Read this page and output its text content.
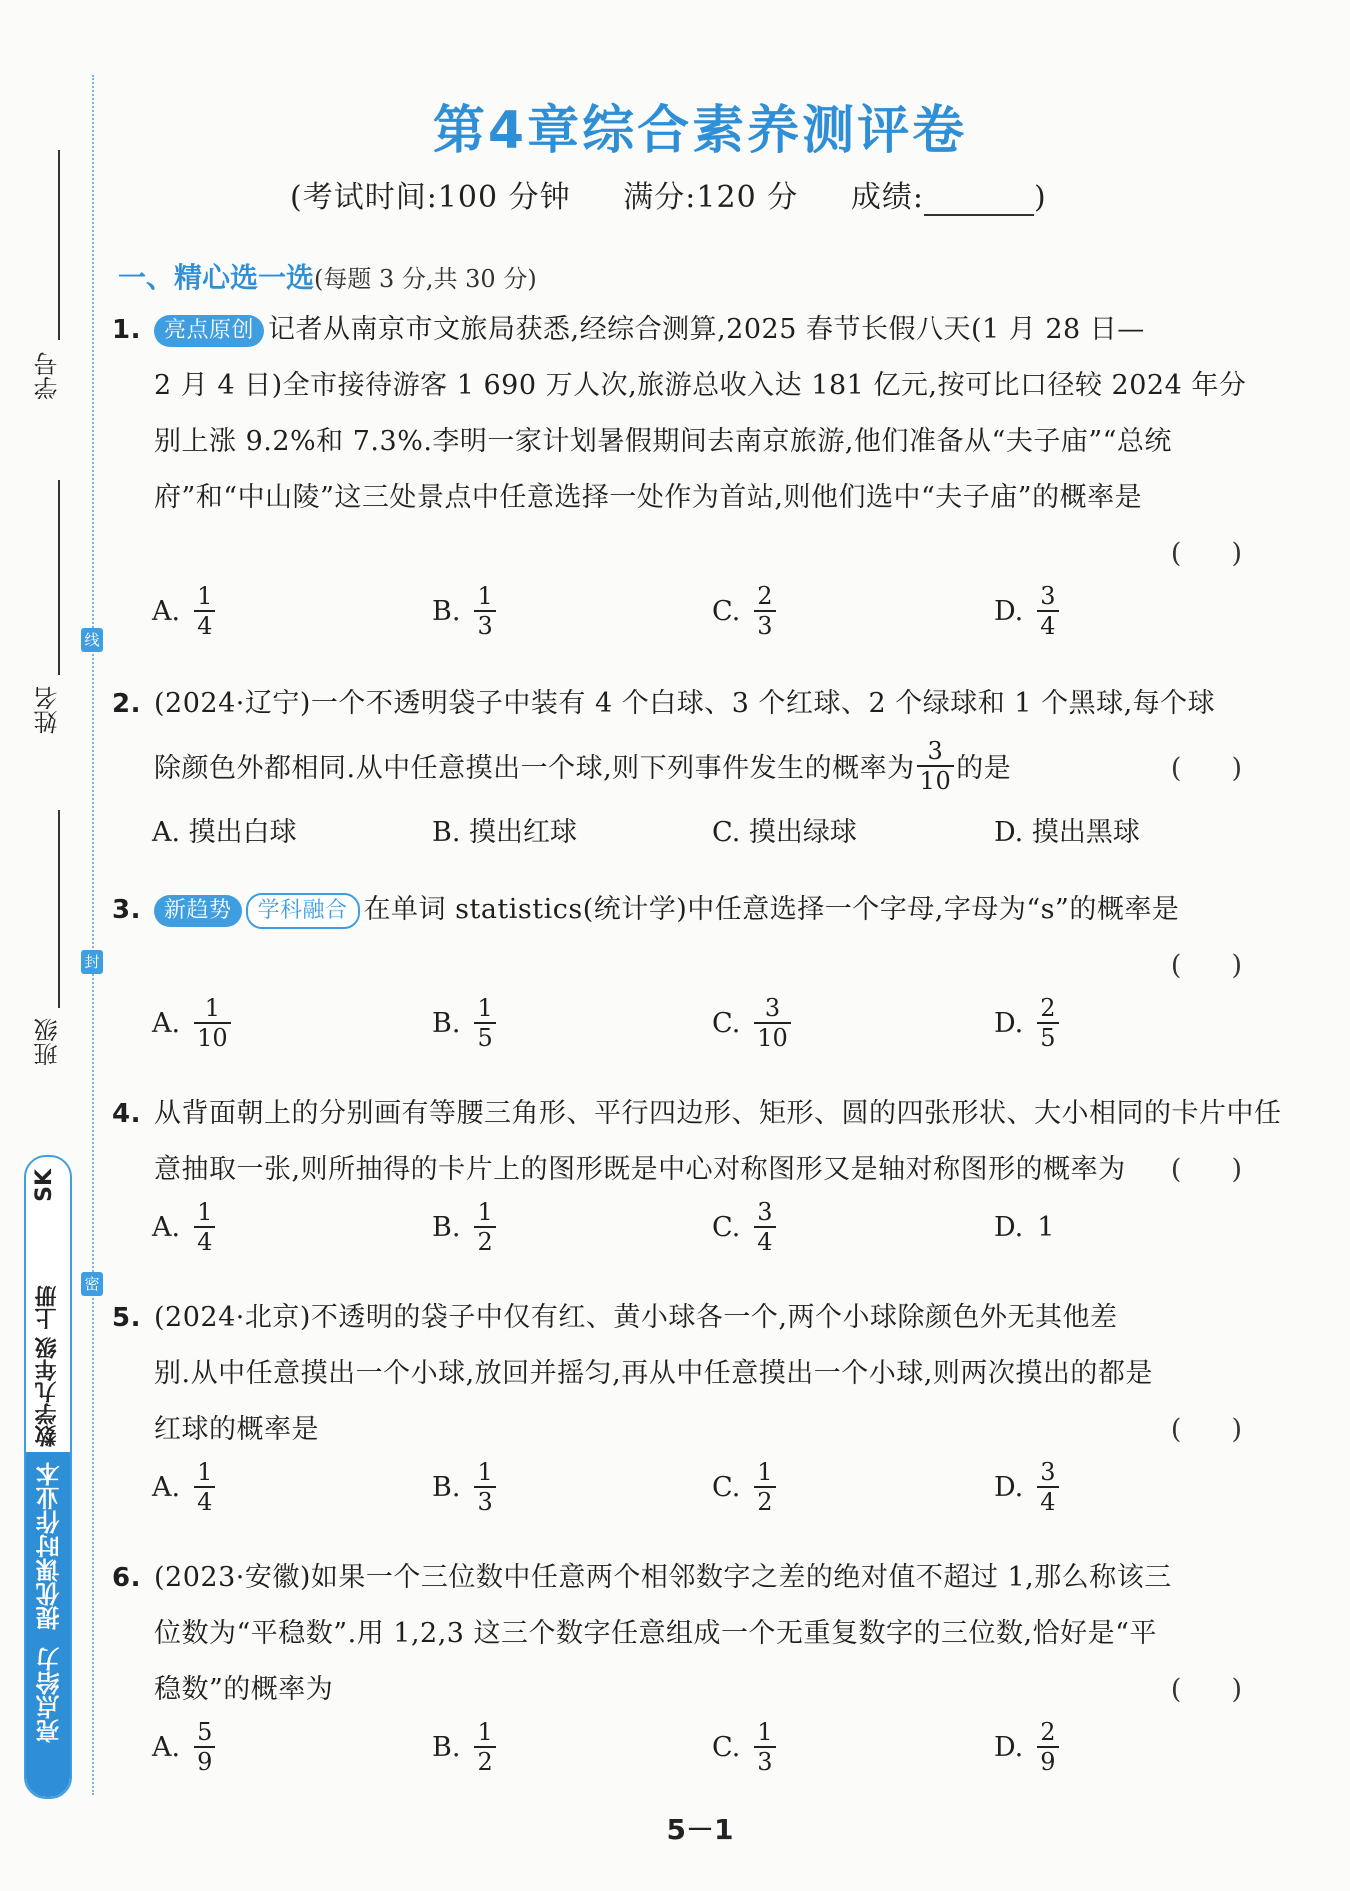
线
封
密
学号
姓名
班级
SK
数学九年级 上册
提优课时作业本
亮点给力
第4章综合素养测评卷
(考试时间:100 分钟 满分:120 分 成绩:	)
一、精心选一选(每题 3 分,共 30 分)
1. 亮点原创 记者从南京市文旅局获悉,经综合测算,2025 春节长假八天(1 月 28 日—
2 月 4 日)全市接待游客 1 690 万人次,旅游总收入达 181 亿元,按可比口径较 2024 年分
别上涨 9.2%和 7.3%.李明一家计划暑假期间去南京旅游,他们准备从“夫子庙”“总统
府”和“中山陵”这三处景点中任意选择一处作为首站,则他们选中“夫子庙”的概率是
()
A. $\frac{1}{4}$	B. $\frac{1}{3}$	C. $\frac{2}{3}$	D. $\frac{3}{4}$
2. (2024·辽宁)一个不透明袋子中装有 4 个白球、3 个红球、2 个绿球和 1 个黑球,每个球
除颜色外都相同.从中任意摸出一个球,则下列事件发生的概率为 $\frac{3}{10}$ 的是	()
A. 摸出白球	B. 摸出红球	C. 摸出绿球	D. 摸出黑球
3. 新趋势 学科融合 在单词 statistics(统计学)中任意选择一个字母,字母为“s”的概率是
()
A. $\frac{1}{10}$	B. $\frac{1}{5}$	C. $\frac{3}{10}$	D. $\frac{2}{5}$
4. 从背面朝上的分别画有等腰三角形、平行四边形、矩形、圆的四张形状、大小相同的卡片中任
意抽取一张,则所抽得的卡片上的图形既是中心对称图形又是轴对称图形的概率为 ()
A. $\frac{1}{4}$	B. $\frac{1}{2}$	C. $\frac{3}{4}$	D. 1
5. (2024·北京)不透明的袋子中仅有红、黄小球各一个,两个小球除颜色外无其他差
别.从中任意摸出一个小球,放回并摇匀,再从中任意摸出一个小球,则两次摸出的都是
红球的概率是	()
A. $\frac{1}{4}$	B. $\frac{1}{3}$	C. $\frac{1}{2}$	D. $\frac{3}{4}$
6. (2023·安徽)如果一个三位数中任意两个相邻数字之差的绝对值不超过 1,那么称该三
位数为“平稳数”.用 1,2,3 这三个数字任意组成一个无重复数字的三位数,恰好是“平
稳数”的概率为	()
A. $\frac{5}{9}$	B. $\frac{1}{2}$	C. $\frac{1}{3}$	D. $\frac{2}{9}$
5－1
